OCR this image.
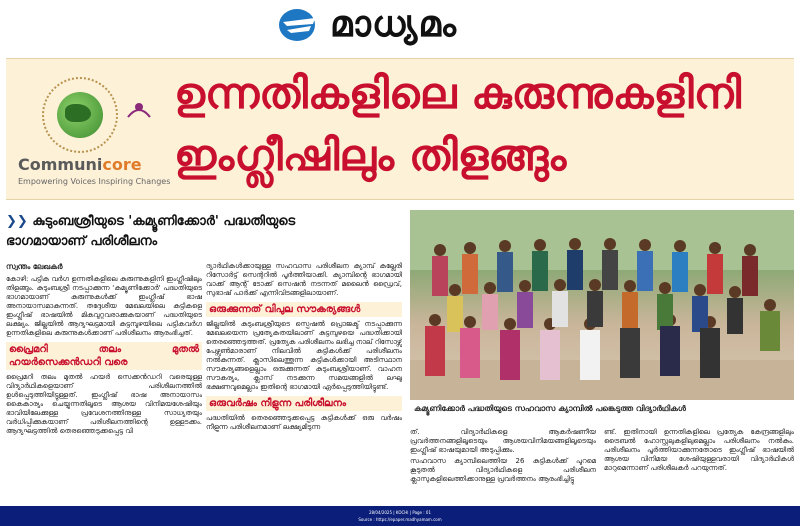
മാധ്യമം
Communicore
Empowering Voices Inspiring Changes
ഉന്നതികളിലെ കുരുന്നുകളിനി
ഇംഗ്ലീഷിലും തിളങ്ങും
❯❯ കുടുംബശ്രീയുടെ 'കമ്യൂണിക്കോർ' പദ്ധതിയുടെ
ഭാഗമായാണ് പരിശീലനം

സ്വന്തം ലേഖകർ

കോഴി: പട്ടിക വർഗ ഉന്നതികളിലെ കുരുന്നുകളിനി ഇംഗ്ലീഷിലും തിളങ്ങും. കുടുംബശ്രീ നടപ്പാക്കുന്ന 'കമ്യൂണിക്കോർ' പദ്ധതിയുടെ ഭാഗമായാണ് കുരുന്നുകൾക്ക് ഇംഗ്ലീഷ് ഭാഷ അനായാസമാകുന്നത്. തദ്ദേശീയ മേഖലയിലെ കുട്ടികളെ ഇംഗ്ലീഷ് ഭാഷയിൽ മികവുറ്റവരാക്കുകയാണ് പദ്ധതിയുടെ ലക്ഷ്യം. ജില്ലയിൽ ആദ്യഘട്ടമായി കുട്ടമ്പുഴയിലെ പട്ടികവർഗ ഉന്നതികളിലെ കുരുന്നുകൾക്കാണ് പരിശീലനം ആരംഭിച്ചത്.

പ്രൈമറി തലം മുതൽ ഹയർസെക്കൻഡറി വരെ

പ്രൈമറി തലം മുതൽ ഹയർ സെക്കൻഡറി വരെയുള്ള വിദ്യാർഥികളെയാണ് പരിശീലനത്തിൽ ഉൾപ്പെടുത്തിയിട്ടുള്ളത്. ഇംഗ്ലീഷ് ഭാഷ അനായാസം കൈകാര്യം ചെയ്യുന്നതിലൂടെ ആശയ വിനിമയശേഷിയും ഭാവിയിലേക്കുള്ള പ്രവേശനത്തിനുള്ള സാധ്യതയും വർധിപ്പിക്കുകയാണ് പരിശീലനത്തിന്റെ ഉള്ളടക്കം. ആദ്യഘട്ടത്തിൽ തെരഞ്ഞെടുക്കപ്പെട്ട വി

ദ്യാർഥികൾക്കായുള്ള സഹവാസ പരിശീലന ക്യാമ്പ് കല്ലേരി റിസോർട്ട് സെന്ററിൽ പൂർത്തിയാക്കി. ക്യാമ്പിന്റെ ഭാഗമായി വാക്ക് ആന്റ് ടോക്ക് സെഷൻ നടന്നത് മലൈൻ ഡ്രൈവ്, സുഭാഷ് പാർക്ക് എന്നിവിടങ്ങളിലായാണ്.

ഒരുക്കുന്നത് വിപുല സൗകര്യങ്ങൾ

ജില്ലയിൽ കുടുംബശ്രീയുടെ സ്പെഷൽ പ്രൊജക്ട് നടപ്പാക്കുന്ന മേഖലയെന്ന പ്രത്യേകതയിലാണ് കുട്ടമ്പുഴയെ പദ്ധതിക്കായി തെരഞ്ഞെടുത്തത്. പ്രത്യേക പരിശീലനം ലഭിച്ച നാല് റിസോഴ്സ് പേഴ്സൺമാരാണ് നിലവിൽ കുട്ടികൾക്ക് പരിശീലനം നൽകുന്നത്. ക്ലാസിലെത്തുന്ന കുട്ടികൾക്കായി അടിസ്ഥാന സൗകര്യങ്ങളെല്ലാം ഒരുക്കുന്നത് കുടുംബശ്രീയാണ്. വാഹന സൗകര്യം, ക്ലാസ് നടക്കുന്ന സമയങ്ങളിൽ ലഘു ഭക്ഷണവുമെല്ലാം ഇതിന്റെ ഭാഗമായി ഏർപ്പെടുത്തിയിട്ടുണ്ട്.

ഒരുവർഷം നീളുന്ന പരിശീലനം

പദ്ധതിയിൽ തെരഞ്ഞെടുക്കപ്പെട്ട കുട്ടികൾക്ക് ഒരു വർഷം നീളുന്ന പരിശീലനമാണ് ലക്ഷ്യമിടുന്ന

കമ്യൂണിക്കോർ പദ്ധതിയുടെ സഹവാസ ക്യാമ്പിൽ പങ്കെടുത്ത വിദ്യാർഥികൾ

ത്. വിദ്യാർഥികളെ ആകർഷണീയ പ്രവർത്തനങ്ങളിലൂടെയും ആശയവിനിമയങ്ങളിലൂടെയും ഇംഗ്ലീഷ് ഭാഷയുമായി അടുപ്പിക്കും.

സഹവാസ ക്യാമ്പിലെത്തിയ 26 കുട്ടികൾക്ക് പുറമെ കൂടുതൽ വിദ്യാർഥികളെ പരിശീലന ക്ലാസുകളിലെത്തിക്കാനുള്ള പ്രവർത്തനം ആരംഭിച്ചിട്ടു

ണ്ട്. ഇതിനായി ഉന്നതികളിലെ പ്രത്യേക കേന്ദ്രങ്ങളിലും ട്രൈബൽ ഹോസ്റ്റലുകളിലുമെല്ലാം പരിശീലനം നൽകും. പരിശീലനം പൂർത്തിയാക്കുന്നതോടെ ഇംഗ്ലീഷ് ഭാഷയിൽ ആശയ വിനിമയ ശേഷിയുള്ളവരായി വിദ്യാർഥികൾ മാറുമെന്നാണ് പരിശീലകർ പറയുന്നത്.

28/04/2025 | KOCHI | Page : 01
Source : https://epaper.madhyamam.com
